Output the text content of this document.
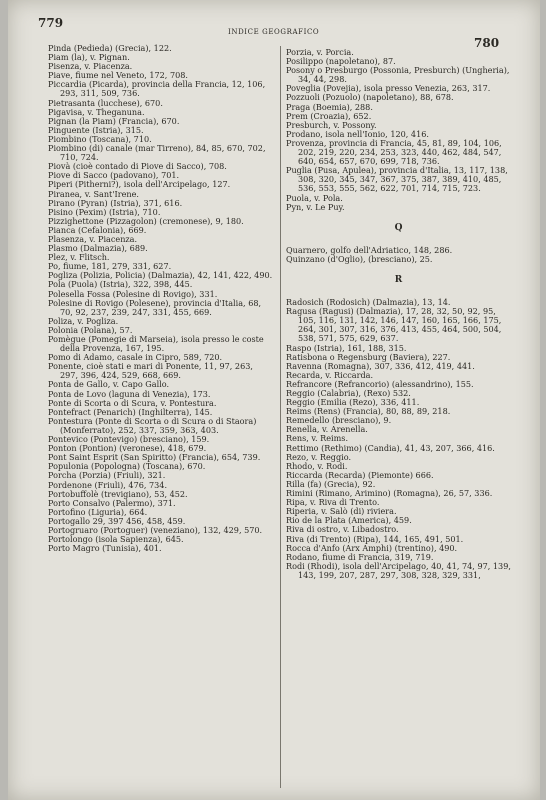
779
INDICE GEOGRAFICO
780
Pinda (Pedieda) (Grecia), 122.
Piam (la), v. Pignan.
Pisenza, v. Piacenza.
Piave, fiume nel Veneto, 172, 708.
Piccardia (Picarda), provincia della Francia, 12, 106, 293, 311, 509, 736.
Pietrasanta (lucchese), 670.
Pigavisa, v. Theganuna.
Pignan (la Piam) (Francia), 670.
Pinguente (Istria), 315.
Piombino (Toscana), 710.
Piombino (di) canale (mar Tirreno), 84, 85, 670, 702, 710, 724.
Piovà (cioè contado di Piove di Sacco), 708.
Piove di Sacco (padovano), 701.
Piperi (Pitherni?), isola dell'Arcipelago, 127.
Piranea, v. Sant'Irene.
Pirano (Pyran) (Istria), 371, 616.
Pisino (Pexim) (Istria), 710.
Pizzighettone (Pizzagolon) (cremonese), 9, 180.
Pianca (Cefalonia), 669.
Plasenza, v. Piacenza.
Plasmo (Dalmazia), 689.
Plez, v. Flitsch.
Po, fiume, 181, 279, 331, 627.
Pogliza (Polizia, Policia) (Dalmazia), 42, 141, 422, 490.
Pola (Puola) (Istria), 322, 398, 445.
Polesella Fossa (Polesine di Rovigo), 331.
Polesine di Rovigo (Polesene), provincia d'Italia, 68, 70, 92, 237, 239, 247, 331, 455, 669.
Poliza, v. Pogliza.
Polonia (Polana), 57.
Pomègue (Pomegie di Marseia), isola presso le coste della Provenza, 167, 195.
Pomo di Adamo, casale in Cipro, 589, 720.
Ponente, cioè stati e mari di Ponente, 11, 97, 263, 297, 396, 424, 529, 668, 669.
Ponta de Gallo, v. Capo Gallo.
Ponta de Lovo (laguna di Venezia), 173.
Ponte di Scorta o di Scura, v. Pontestura.
Pontefract (Penarich) (Inghilterra), 145.
Pontestura (Ponte di Scorta o di Scura o di Staora) (Monferrato), 252, 337, 359, 363, 403.
Pontevico (Pontevigo) (bresciano), 159.
Ponton (Pontion) (veronese), 418, 679.
Pont Saint Esprit (San Spiritto) (Francia), 654, 739.
Populonia (Popologna) (Toscana), 670.
Porcha (Porzia) (Friuli), 321.
Pordenone (Friuli), 476, 734.
Portobuffolè (trevigiano), 53, 452.
Porto Consalvo (Palermo), 371.
Portofino (Liguria), 664.
Portogallo 29, 397 456, 458, 459.
Portogruaro (Portoguer) (veneziano), 132, 429, 570.
Portolongo (isola Sapienza), 645.
Porto Magro (Tunisia), 401.
Porzia, v. Porcia.
Posilippo (napoletano), 87.
Posony o Presburgo (Possonia, Presburch) (Ungheria), 34, 44, 298.
Poveglia (Povejia), isola presso Venezia, 263, 317.
Pozzuoli (Pozuolo) (napoletano), 88, 678.
Praga (Boemia), 288.
Prem (Croazia), 652.
Presburch, v. Possony.
Prodano, isola nell'Ionio, 120, 416.
Provenza, provincia di Francia, 45, 81, 89, 104, 106, 202, 219, 220, 234, 253, 323, 440, 462, 484, 547, 640, 654, 657, 670, 699, 718, 736.
Puglia (Pusa, Apulea), provincia d'Italia, 13, 117, 138, 308, 320, 345, 347, 367, 375, 387, 389, 410, 485, 536, 553, 555, 562, 622, 701, 714, 715, 723.
Puola, v. Pola.
Pyn, v. Le Puy.
Q
Quarnero, golfo dell'Adriatico, 148, 286.
Quinzano (d'Oglio), (bresciano), 25.
R
Radosich (Rodosich) (Dalmazia), 13, 14.
Ragusa (Ragusi) (Dalmazia), 17, 28, 32, 50, 92, 95, 105, 116, 131, 142, 146, 147, 160, 165, 166, 175, 264, 301, 307, 316, 376, 413, 455, 464, 500, 504, 538, 571, 575, 629, 637.
Raspo (Istria), 161, 188, 315.
Ratisbona o Regensburg (Baviera), 227.
Ravenna (Romagna), 307, 336, 412, 419, 441.
Recarda, v. Riccarda.
Refrancore (Refrancorio) (alessandrino), 155.
Reggio (Calabria), (Rexo) 532.
Reggio (Emilia (Rezo), 336, 411.
Reims (Rens) (Francia), 80, 88, 89, 218.
Remedello (bresciano), 9.
Renella, v. Arenella.
Rens, v. Reims.
Rettimo (Rethimo) (Candia), 41, 43, 207, 366, 416.
Rezo, v. Reggio.
Rhodo, v. Rodi.
Riccarda (Recarda) (Piemonte) 666.
Rilla (fa) (Grecia), 92.
Rimini (Rimano, Arimino) (Romagna), 26, 57, 336.
Ripa, v. Riva di Trento.
Riperia, v. Salò (di) riviera.
Rio de la Plata (America), 459.
Riva di ostro, v. Libadostro.
Riva (di Trento) (Ripa), 144, 165, 491, 501.
Rocca d'Anfo (Arx Amphi) (trentino), 490.
Rodano, fiume di Francia, 319, 719.
Rodi (Rhodi), isola dell'Arcipelago, 40, 41, 74, 97, 139, 143, 199, 207, 287, 297, 308, 328, 329, 331,
